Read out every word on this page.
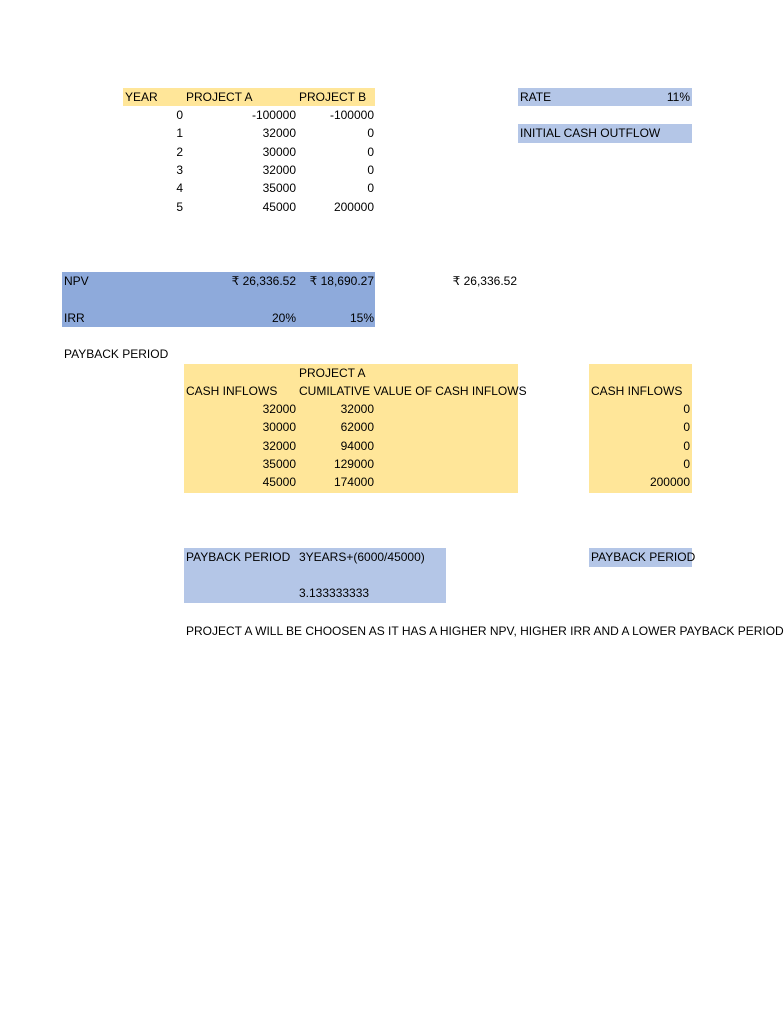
YEAR PROJECT A	PROJECT B
0	-100000	-100000
1	32000	0
2	30000	0
3	32000	0
4	35000	0
5	45000	200000
RATE	11%
INITIAL CASH OUTFLOW
NPV	₹ 26,336.52	₹ 18,690.27	₹ 26,336.52
IRR	20%	15%
PAYBACK PERIOD
PROJECT A
CASH INFLOWS CUMILATIVE VALUE OF CASH INFLOWS
32000	32000
30000	62000
32000	94000
35000	129000
45000	174000
CASH INFLOWS
0
0
0
0
200000
PAYBACK PERIOD 3YEARS+(6000/45000)
3.133333333
PAYBACK PERIOD
PROJECT A WILL BE CHOOSEN AS IT HAS A HIGHER NPV, HIGHER IRR AND A LOWER PAYBACK PERIOD
